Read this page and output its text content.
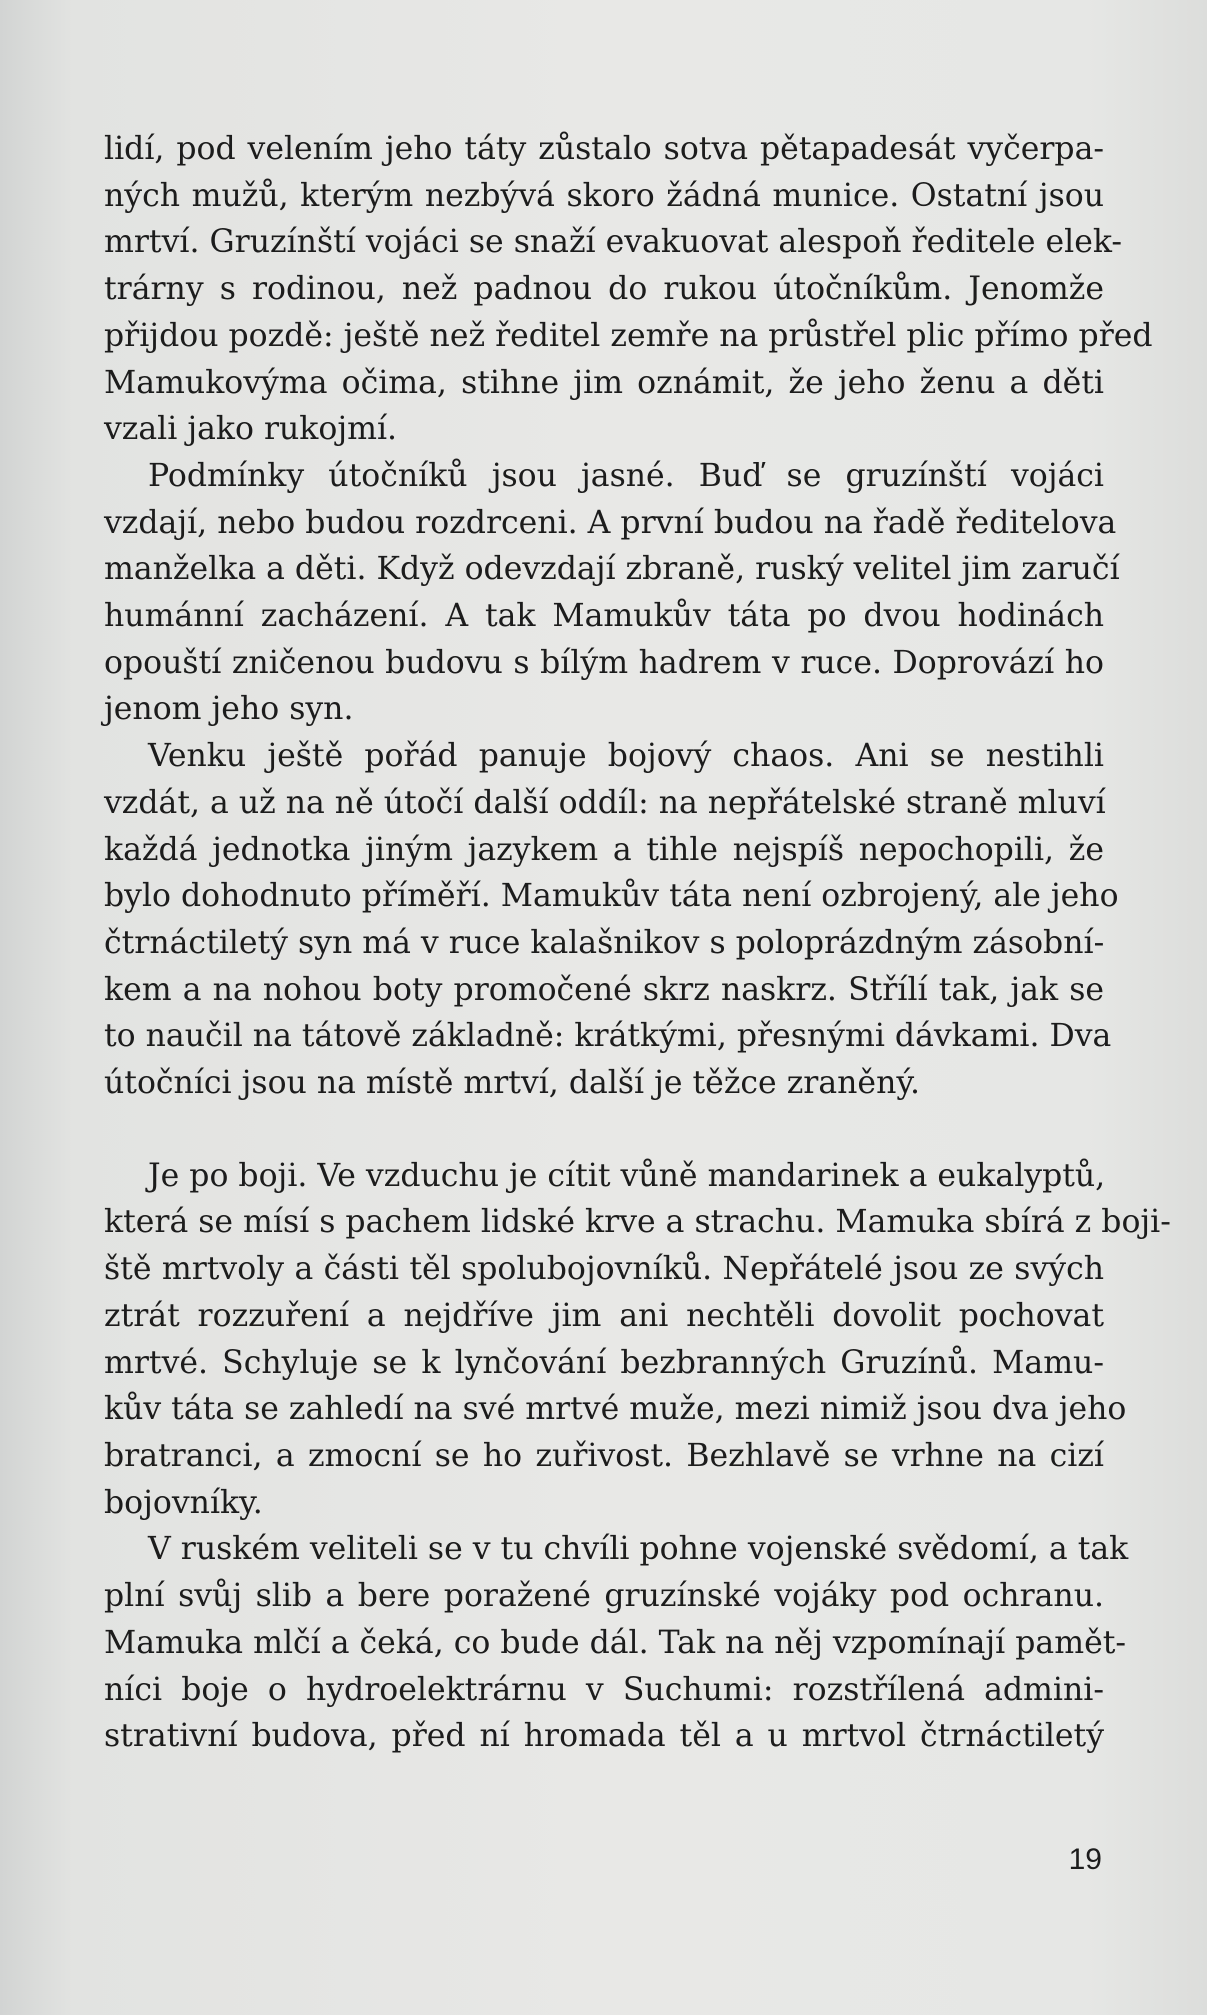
lidí, pod velením jeho táty zůstalo sotva pětapadesát vyčerpa-
ných mužů, kterým nezbývá skoro žádná munice. Ostatní jsou
mrtví. Gruzínští vojáci se snaží evakuovat alespoň ředitele elek-
trárny s rodinou, než padnou do rukou útočníkům. Jenomže
přijdou pozdě: ještě než ředitel zemře na průstřel plic přímo před
Mamukovýma očima, stihne jim oznámit, že jeho ženu a děti
vzali jako rukojmí.
Podmínky útočníků jsou jasné. Buď se gruzínští vojáci
vzdají, nebo budou rozdrceni. A první budou na řadě ředitelova
manželka a děti. Když odevzdají zbraně, ruský velitel jim zaručí
humánní zacházení. A tak Mamukův táta po dvou hodinách
opouští zničenou budovu s bílým hadrem v ruce. Doprovází ho
jenom jeho syn.
Venku ještě pořád panuje bojový chaos. Ani se nestihli
vzdát, a už na ně útočí další oddíl: na nepřátelské straně mluví
každá jednotka jiným jazykem a tihle nejspíš nepochopili, že
bylo dohodnuto příměří. Mamukův táta není ozbrojený, ale jeho
čtrnáctiletý syn má v ruce kalašnikov s poloprázdným zásobní-
kem a na nohou boty promočené skrz naskrz. Střílí tak, jak se
to naučil na tátově základně: krátkými, přesnými dávkami. Dva
útočníci jsou na místě mrtví, další je těžce zraněný.
Je po boji. Ve vzduchu je cítit vůně mandarinek a eukalyptů,
která se mísí s pachem lidské krve a strachu. Mamuka sbírá z boji-
ště mrtvoly a části těl spolubojovníků. Nepřátelé jsou ze svých
ztrát rozzuření a nejdříve jim ani nechtěli dovolit pochovat
mrtvé. Schyluje se k lynčování bezbranných Gruzínů. Mamu-
kův táta se zahledí na své mrtvé muže, mezi nimiž jsou dva jeho
bratranci, a zmocní se ho zuřivost. Bezhlavě se vrhne na cizí
bojovníky.
V ruském veliteli se v tu chvíli pohne vojenské svědomí, a tak
plní svůj slib a bere poražené gruzínské vojáky pod ochranu.
Mamuka mlčí a čeká, co bude dál. Tak na něj vzpomínají pamět-
níci boje o hydroelektrárnu v Suchumi: rozstřílená admini-
strativní budova, před ní hromada těl a u mrtvol čtrnáctiletý
19
